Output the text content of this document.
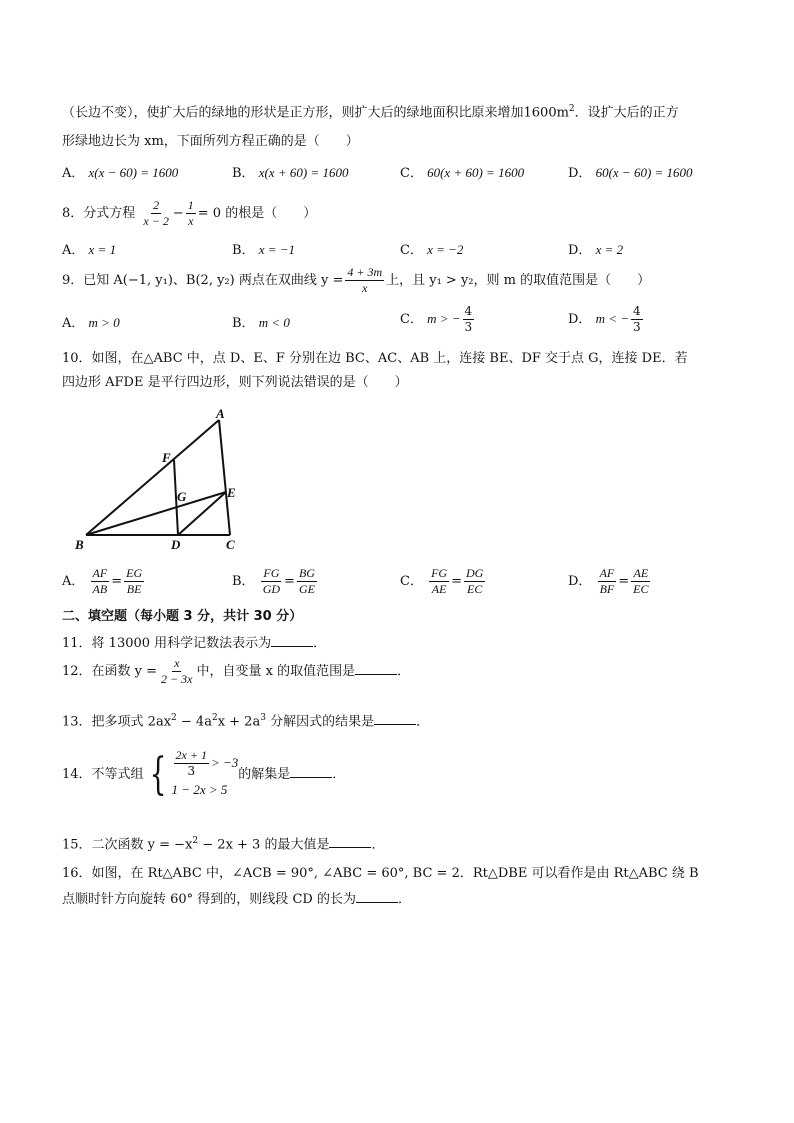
（长边不变），使扩大后的绿地的形状是正方形，则扩大后的绿地面积比原来增加$1600m^2$．设扩大后的正方
形绿地边长为 xm，下面所列方程正确的是（　　）
A． x(x − 60) = 1600	B． x(x + 60) = 1600	C． 60(x + 60) = 1600	D． 60(x − 60) = 1600
8．分式方程 $\frac{2}{x - 2} - \frac{1}{x} = 0$ 的根是（　　）
A． x = 1	B． x = −1	C． x = −2	D． x = 2
9．已知 A(−1, y₁)、B(2, y₂) 两点在双曲线 $y = \frac{4 + 3m}{x}$ 上，且 y₁ > y₂，则 m 的取值范围是（　　）
A． m > 0	B． m < 0	C． m > − $\frac{4}{3}$	D． m < − $\frac{4}{3}$
10．如图，在△ABC 中，点 D、E、F 分别在边 BC、AC、AB 上，连接 BE、DF 交于点 G，连接 DE．若
四边形 AFDE 是平行四边形，则下列说法错误的是（　　）
A
B	C
D
E
F
G
A． $\frac{AF}{AB} = \frac{EG}{BE}$	B． $\frac{FG}{GD} = \frac{BG}{GE}$	C． $\frac{FG}{AE} = \frac{DG}{EC}$	D． $\frac{AF}{BF} = \frac{AE}{EC}$
二、填空题（每小题 3 分，共计 30 分）
11．将 13000 用科学记数法表示为	．
12．在函数 $y = \frac{x}{2 - 3x}$ 中，自变量 x 的取值范围是	．
13．把多项式 $2ax^2 - 4a^2x + 2a^3$ 分解因式的结果是	．
14．不等式组 { $\frac{2x + 1}{3} > -3$
1 − 2x > 5
的解集是	．
15．二次函数 $y = -x^2 - 2x + 3$ 的最大值是	．
16．如图，在 Rt△ABC 中，∠ACB = 90°, ∠ABC = 60°, BC = 2．Rt△DBE 可以看作是由 Rt△ABC 绕 B
点顺时针方向旋转 60° 得到的，则线段 CD 的长为	．
